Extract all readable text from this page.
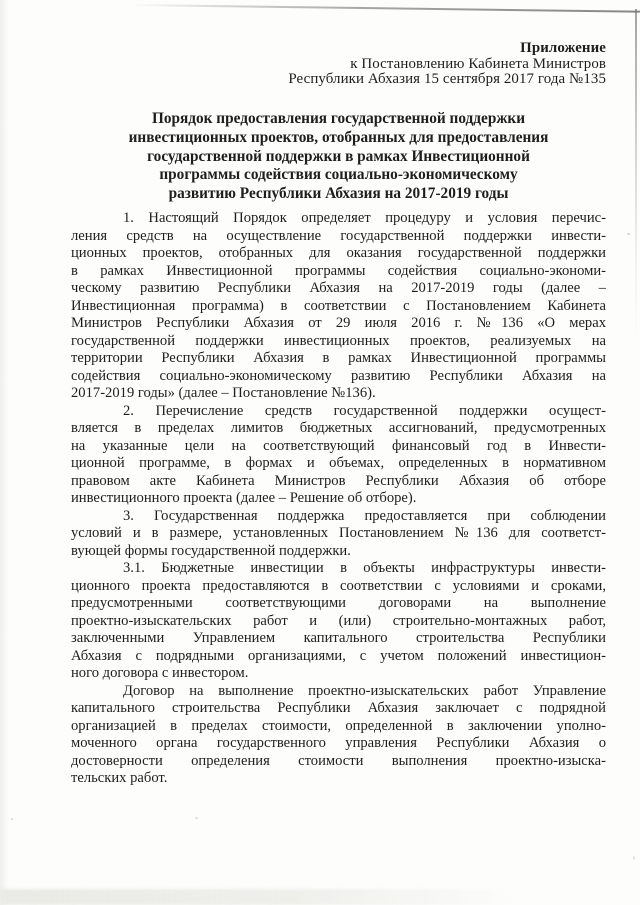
Приложение
к Постановлению Кабинета Министров
Республики Абхазия 15 сентября 2017 года №135
Порядок предоставления государственной поддержки
инвестиционных проектов, отобранных для предоставления
государственной поддержки в рамках Инвестиционной
программы содействия социально-экономическому
развитию Республики Абхазия на 2017-2019 годы
1. Настоящий Порядок определяет процедуру и условия перечис-
ления средств на осуществление государственной поддержки инвести-
ционных проектов, отобранных для оказания государственной поддержки
в рамках Инвестиционной программы содействия социально-экономи-
ческому развитию Республики Абхазия на 2017-2019 годы (далее –
Инвестиционная программа) в соответствии с Постановлением Кабинета
Министров Республики Абхазия от 29 июля 2016 г. №136 «О мерах
государственной поддержки инвестиционных проектов, реализуемых на
территории Республики Абхазия в рамках Инвестиционной программы
содействия социально-экономическому развитию Республики Абхазия на
2017-2019 годы» (далее – Постановление №136).
2. Перечисление средств государственной поддержки осущест-
вляется в пределах лимитов бюджетных ассигнований, предусмотренных
на указанные цели на соответствующий финансовый год в Инвести-
ционной программе, в формах и объемах, определенных в нормативном
правовом акте Кабинета Министров Республики Абхазия об отборе
инвестиционного проекта (далее – Решение об отборе).
3. Государственная поддержка предоставляется при соблюдении
условий и в размере, установленных Постановлением №136 для соответст-
вующей формы государственной поддержки.
3.1. Бюджетные инвестиции в объекты инфраструктуры инвести-
ционного проекта предоставляются в соответствии с условиями и сроками,
предусмотренными соответствующими договорами на выполнение
проектно-изыскательских работ и (или) строительно-монтажных работ,
заключенными Управлением капитального строительства Республики
Абхазия с подрядными организациями, с учетом положений инвестицион-
ного договора с инвестором.
Договор на выполнение проектно-изыскательских работ Управление
капитального строительства Республики Абхазия заключает с подрядной
организацией в пределах стоимости, определенной в заключении уполно-
моченного органа государственного управления Республики Абхазия о
достоверности определения стоимости выполнения проектно-изыска-
тельских работ.
